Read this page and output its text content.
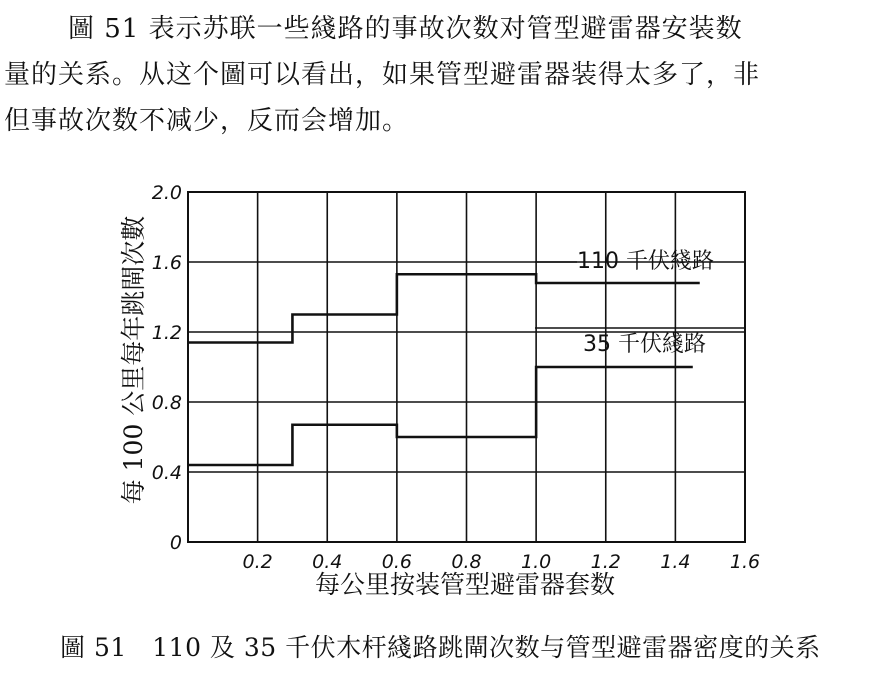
圖 51 表示苏联一些綫路的事故次数对管型避雷器安装数
量的关系。从这个圖可以看出，如果管型避雷器装得太多了，非
但事故次数不减少，反而会增加。
0.2 0.4 0.6 0.8 1.0 1.2 1.4 1.6
0
0.4
0.8
1.2
1.6
2.0
110 千伏綫路
35 千伏綫路
每公里按装管型避雷器套数
每 100 公里每年跳閘次數
圖 51　110 及 35 千伏木杆綫路跳閘次数与管型避雷器密度的关系
